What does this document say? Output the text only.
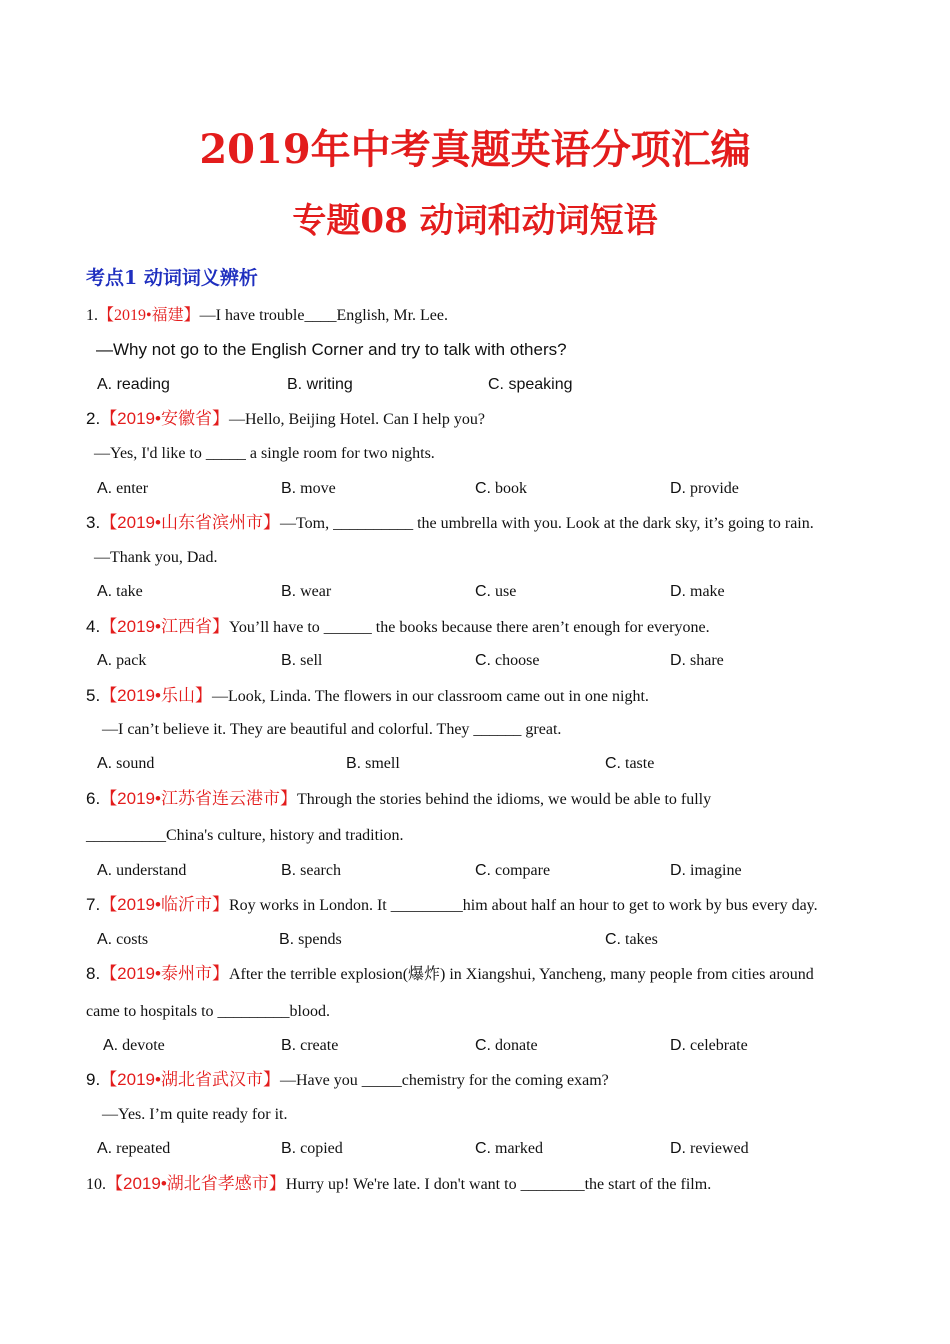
2019年中考真题英语分项汇编
专题08 动词和动词短语
考点1 动词词义辨析
1.【2019•福建】—I have trouble____English, Mr. Lee.
—Why not go to the English Corner and try to talk with others?
A. reading	B. writing	C. speaking
2.【2019•安徽省】—Hello, Beijing Hotel. Can I help you?
—Yes, I'd like to _____ a single room for two nights.
A. enter	B. move	C. book	D. provide
3.【2019•山东省滨州市】—Tom, __________ the umbrella with you. Look at the dark sky, it’s going to rain.
—Thank you, Dad.
A. take	B. wear	C. use	D. make
4.【2019•江西省】You’ll have to ______ the books because there aren’t enough for everyone.
A. pack	B. sell	C. choose	D. share
5.【2019•乐山】—Look, Linda. The flowers in our classroom came out in one night.
—I can’t believe it. They are beautiful and colorful. They ______ great.
A. sound	B. smell	C. taste
6.【2019•江苏省连云港市】Through the stories behind the idioms, we would be able to fully
__________China's culture, history and tradition.
A. understand	B. search	C. compare	D. imagine
7.【2019•临沂市】Roy works in London. It _________him about half an hour to get to work by bus every day.
A. costs	B. spends	C. takes
8.【2019•泰州市】After the terrible explosion(爆炸) in Xiangshui, Yancheng, many people from cities around
came to hospitals to _________blood.
A. devote	B. create	C. donate	D. celebrate
9.【2019•湖北省武汉市】—Have you _____chemistry for the coming exam?
—Yes. I’m quite ready for it.
A. repeated	B. copied	C. marked	D. reviewed
10.【2019•湖北省孝感市】Hurry up! We're late. I don't want to ________the start of the film.
